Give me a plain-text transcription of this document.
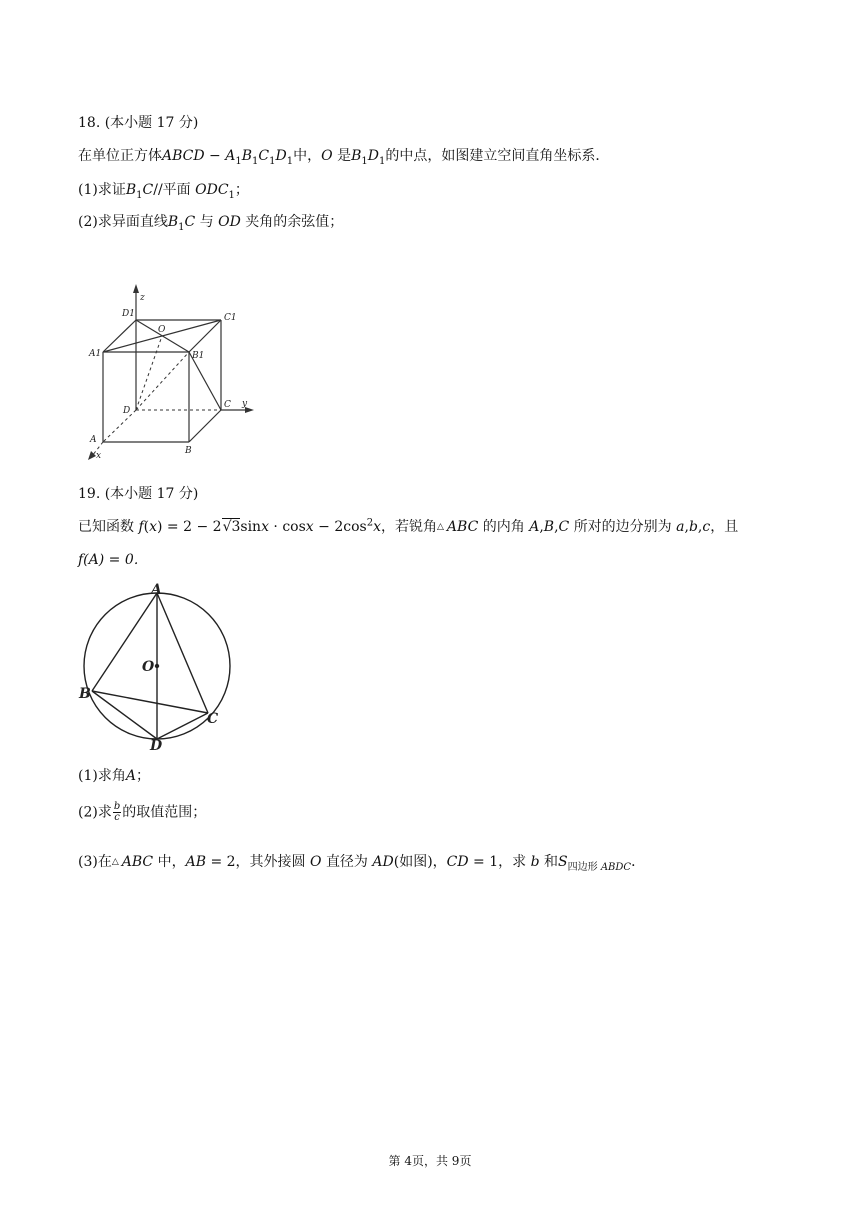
18. (本小题 17 分)
在单位正方体ABCD − $A_1B_1C_1D_1$中，O 是$B_1D_1$的中点，如图建立空间直角坐标系．
(1)求证$B_1C//$平面 $ODC_1$；
(2)求异面直线$B_1C$ 与 OD 夹角的余弦值；
z
D1
O
C1
A1	B1
D
C y
A
x	B
19. (本小题 17 分)
已知函数 $f(x) = 2 - 2√3\sin x \cdot \cos x - 2\cos^2x$，若锐角△ ABC 的内角 A,B,C 所对的边分别为 a,b,c，且
f(A) = 0．
A
O
B
C
D
(1)求角A；
(2)求 $\frac{b}{c}$ 的取值范围；
(3)在△ ABC 中，AB = 2，其外接圆 O 直径为 AD(如图)，CD = 1，求 b 和$S_{四边形 ABDC}$．
第 4页，共 9页
